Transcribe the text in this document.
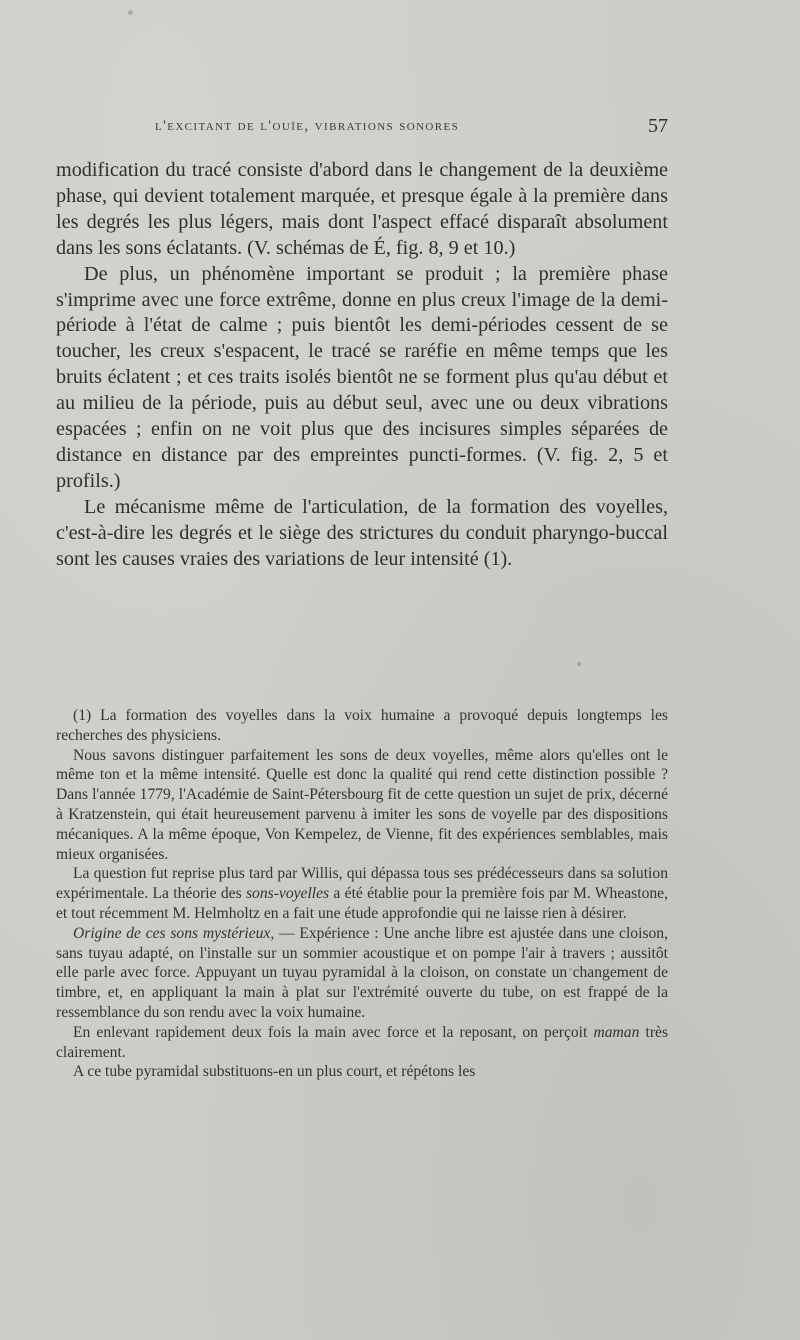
l'excitant de l'ouïe, vibrations sonores	57

modification du tracé consiste d'abord dans le changement de la deuxième phase, qui devient totalement marquée, et presque égale à la première dans les degrés les plus légers, mais dont l'aspect effacé disparaît absolument dans les sons éclatants. (V. schémas de É, fig. 8, 9 et 10.)

De plus, un phénomène important se produit ; la première phase s'imprime avec une force extrême, donne en plus creux l'image de la demi-période à l'état de calme ; puis bientôt les demi-périodes cessent de se toucher, les creux s'espacent, le tracé se raréfie en même temps que les bruits éclatent ; et ces traits isolés bientôt ne se forment plus qu'au début et au milieu de la période, puis au début seul, avec une ou deux vibrations espacées ; enfin on ne voit plus que des incisures simples séparées de distance en distance par des empreintes puncti-formes. (V. fig. 2, 5 et profils.)

Le mécanisme même de l'articulation, de la formation des voyelles, c'est-à-dire les degrés et le siège des strictures du conduit pharyngo-buccal sont les causes vraies des variations de leur intensité (1).

(1) La formation des voyelles dans la voix humaine a provoqué depuis longtemps les recherches des physiciens.

Nous savons distinguer parfaitement les sons de deux voyelles, même alors qu'elles ont le même ton et la même intensité. Quelle est donc la qualité qui rend cette distinction possible ? Dans l'année 1779, l'Académie de Saint-Pétersbourg fit de cette question un sujet de prix, décerné à Kratzenstein, qui était heureusement parvenu à imiter les sons de voyelle par des dispositions mécaniques. A la même époque, Von Kempelez, de Vienne, fit des expériences semblables, mais mieux organisées.

La question fut reprise plus tard par Willis, qui dépassa tous ses prédécesseurs dans sa solution expérimentale. La théorie des sons-voyelles a été établie pour la première fois par M. Wheastone, et tout récemment M. Helmholtz en a fait une étude approfondie qui ne laisse rien à désirer.

Origine de ces sons mystérieux, — Expérience : Une anche libre est ajustée dans une cloison, sans tuyau adapté, on l'installe sur un sommier acoustique et on pompe l'air à travers ; aussitôt elle parle avec force. Appuyant un tuyau pyramidal à la cloison, on constate un changement de timbre, et, en appliquant la main à plat sur l'extrémité ouverte du tube, on est frappé de la ressemblance du son rendu avec la voix humaine.

En enlevant rapidement deux fois la main avec force et la reposant, on perçoit maman très clairement.

A ce tube pyramidal substituons-en un plus court, et répétons les
